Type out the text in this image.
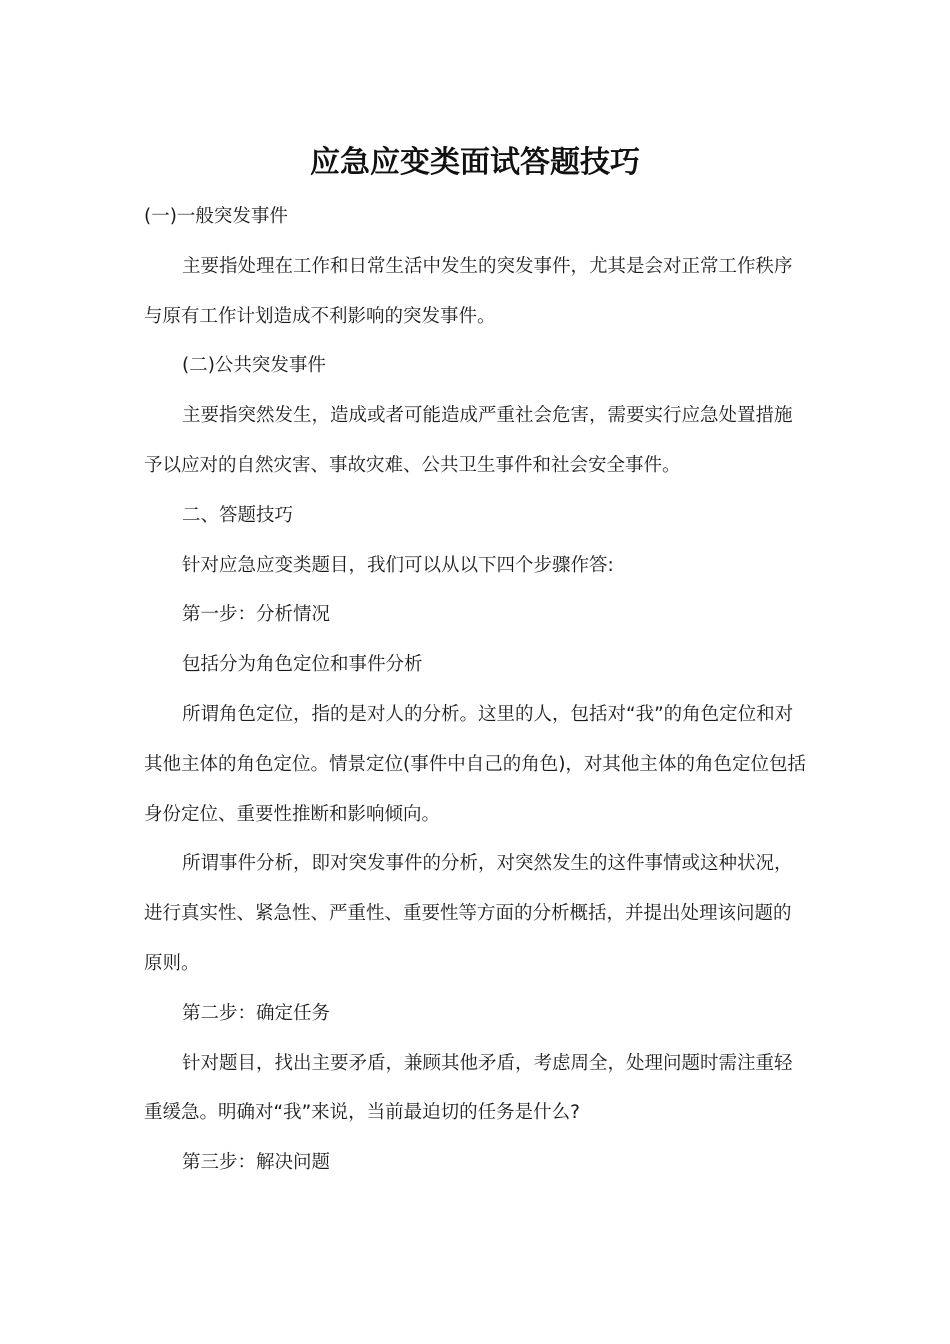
应急应变类面试答题技巧

(一)一般突发事件

主要指处理在工作和日常生活中发生的突发事件，尤其是会对正常工作秩序与原有工作计划造成不利影响的突发事件。

(二)公共突发事件

主要指突然发生，造成或者可能造成严重社会危害，需要实行应急处置措施予以应对的自然灾害、事故灾难、公共卫生事件和社会安全事件。

二、答题技巧

针对应急应变类题目，我们可以从以下四个步骤作答:

第一步：分析情况

包括分为角色定位和事件分析

所谓角色定位，指的是对人的分析。这里的人，包括对“我”的角色定位和对其他主体的角色定位。情景定位(事件中自己的角色)，对其他主体的角色定位包括身份定位、重要性推断和影响倾向。

所谓事件分析，即对突发事件的分析，对突然发生的这件事情或这种状况，进行真实性、紧急性、严重性、重要性等方面的分析概括，并提出处理该问题的原则。

第二步：确定任务

针对题目，找出主要矛盾，兼顾其他矛盾，考虑周全，处理问题时需注重轻重缓急。明确对“我”来说，当前最迫切的任务是什么?

第三步：解决问题
